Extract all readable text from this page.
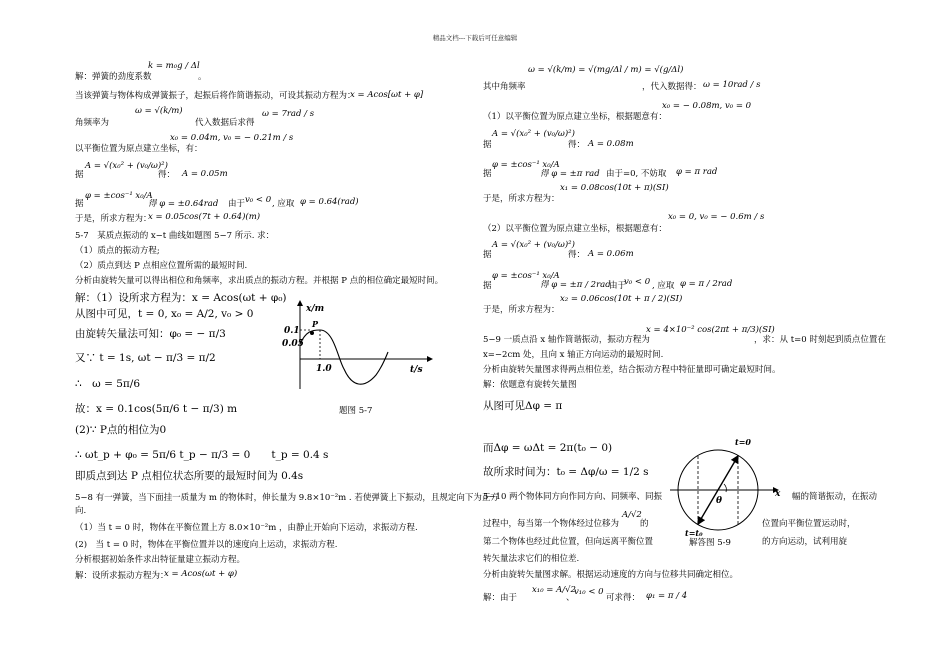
精品文档---下载后可任意编辑
k = m₀g / Δl
解：弹簧的劲度系数	。
当该弹簧与物体构成弹簧振子，起振后将作简谐振动，可设其振动方程为：
x = Acos[ωt + φ]
ω = √(k/m)	ω = 7rad / s
角频率为	代入数据后求得
x₀ = 0.04m, v₀ = − 0.21m / s
以平衡位置为原点建立坐标，有：
A = √(x₀² + (v₀/ω)²)
A = 0.05m
据	得：
φ = ±cos⁻¹ x₀/A
得 φ = ±0.64rad 由于 v₀ < 0 , 应取 φ = 0.64(rad)
据
于是，所求方程为：
x = 0.05cos(7t + 0.64)(m)
5-7　某质点振动的 x−t 曲线如题图 5−7 所示. 求：
（1）质点的振动方程;
（2）质点到达 P 点相应位置所需的最短时间.
分析由旋转矢量可以得出相位和角频率，求出质点的振动方程。并根据 P 点的相位确定最短时间。
解：（1）设所求方程为：x = Acos(ωt + φ₀)
从图中可见，t = 0, x₀ = A/2, v₀ > 0
由旋转矢量法可知：φ₀ = − π/3
又∵ t = 1s, ωt − π/3 = π/2
∴　ω = 5π/6
故：x = 0.1cos(5π/6 t − π/3) m
(2)∵ P点的相位为0
∴ ωt_p + φ₀ = 5π/6 t_p − π/3 = 0　　t_p = 0.4 s
即质点到达 P 点相位状态所要的最短时间为 0.4s
5−8 有一弹簧，当下面挂一质量为 m 的物体时，伸长量为 9.8×10⁻²m . 若使弹簧上下振动，且规定向下为正方
向.
（1）当 t = 0 时，物体在平衡位置上方 8.0×10⁻²m ，由静止开始向下运动，求振动方程.
(2)　当 t = 0 时，物体在平衡位置并以的速度向上运动，求振动方程.
分析根据初始条件求出特征量建立振动方程。
解：设所求振动方程为：
x = Acos(ωt + φ)
x/m
t/s
0.1
0.05
1.0
P
题图 5-7
ω = √(k/m) = √(mg/Δl / m) = √(g/Δl)
其中角频率	，代入数据得： ω = 10rad / s
x₀ = − 0.08m, v₀ = 0
（1）以平衡位置为原点建立坐标，根据题意有：
A = √(x₀² + (v₀/ω)²)
A = 0.08m
据	得：
φ = ±cos⁻¹ x₀/A
得 φ = ±π rad 由于=0, 不妨取 φ = π rad
据
x₁ = 0.08cos(10t + π)(SI)
于是，所求方程为：
x₀ = 0, v₀ = − 0.6m / s
（2）以平衡位置为原点建立坐标，根据题意有：
A = √(x₀² + (v₀/ω)²)
A = 0.06m
据	得：
φ = ±cos⁻¹ x₀/A
得 φ = ±π / 2rad
由于
v₀ < 0 , 应取 φ = π / 2rad
据
x₂ = 0.06cos(10t + π / 2)(SI)
于是，所求方程为：
5−9 一质点沿 x 轴作简谐振动，振动方程为
x = 4×10⁻² cos(2πt + π/3)(SI)
，求：从 t=0 时刻起到质点位置在
x=−2cm 处，且向 x 轴正方向运动的最短时间.
分析由旋转矢量图求得两点相位差，结合振动方程中特征量即可确定最短时间。
解：依题意有旋转矢量图
从图可见Δφ = π
而Δφ = ωΔt = 2π(t₀ − 0)
故所求时间为：t₀ = Δφ/ω = 1/2 s
5−10 两个物体同方向作同方向、同频率、同振	幅的简谐振动，在振动
过程中，每当第一个物体经过位移为
A/√2
的	位置向平衡位置运动时，
第二个物体也经过此位置，但向远离平衡位置	的方向运动，试利用旋
转矢量法求它们的相位差.
分析由旋转矢量图求解。根据运动速度的方向与位移共同确定相位。
解：由于
x₁₀ = A/√2
、
v₁₀ < 0
可求得： φ₁ = π / 4
t=0
t=t₀
θ
x
解答图 5-9
